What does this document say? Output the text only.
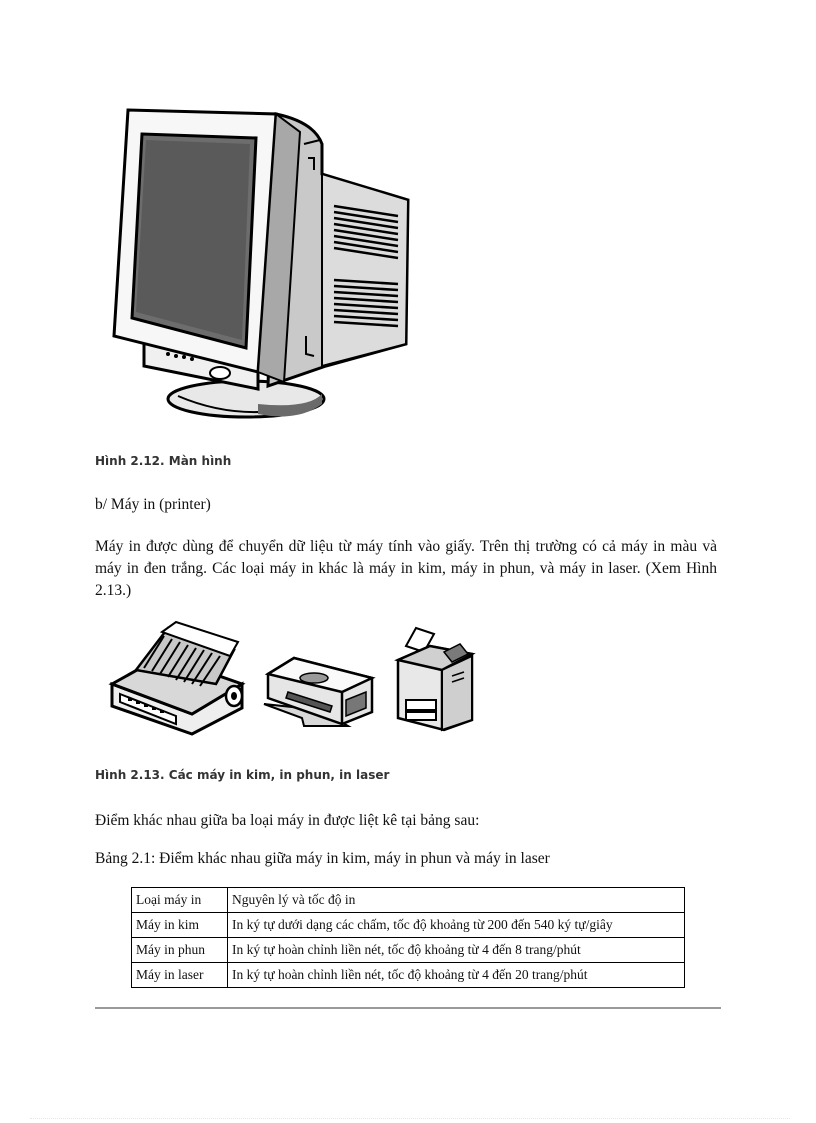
Hình 2.12. Màn hình
b/ Máy in (printer)
Máy in được dùng để chuyển dữ liệu từ máy tính vào giấy. Trên thị trường có cả máy in màu và máy in đen trắng. Các loại máy in khác là máy in kim, máy in phun, và máy in laser. (Xem Hình 2.13.)
Hình 2.13. Các máy in kim, in phun, in laser
Điểm khác nhau giữa ba loại máy in được liệt kê tại bảng sau:
Bảng 2.1: Điểm khác nhau giữa máy in kim, máy in phun và máy in laser
Loại máy in	Nguyên lý và tốc độ in
Máy in kim	In ký tự dưới dạng các chấm, tốc độ khoảng từ 200 đến 540 ký tự/giây
Máy in phun	In ký tự hoàn chỉnh liền nét, tốc độ khoảng từ 4 đến 8 trang/phút
Máy in laser	In ký tự hoàn chỉnh liền nét, tốc độ khoảng từ 4 đến 20 trang/phút
